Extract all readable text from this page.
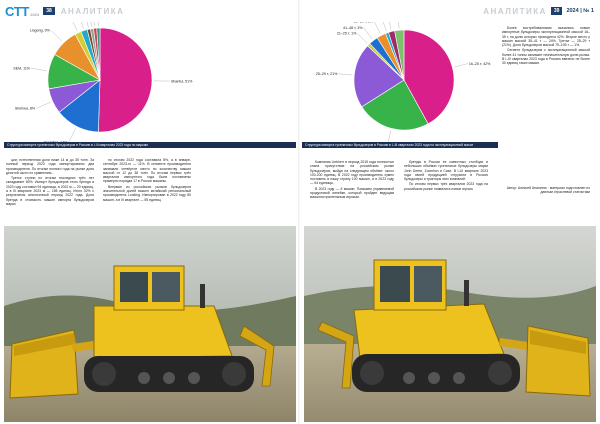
CT T 2024	38	АНАЛИТИКА
Shantui, 51%
Shehwa, 8%
SEM, 11%
Liugong, 9%
Структура импорта гусеничных бульдозеров в Россию в I-III кварталах 2023 года по маркам

ции; естественная доля ниже 14 м до 35 тонн. За полный период 2023 года импортированы два производителя. По итогам полного года на рынке доля десятой части по сравнению...

Третье ступни по итогам последних трёх лет складывает 80%. Импорт бульдозеров этого бренда в 2023 году составил 94 единицы, в 2022 м — 20 единиц, а в III квартале 2023 м — 185 единиц. Итого 32% с результатом аналогичный период 2022 года. Доля бренда в стоимость машин импорта бульдозеров марки

по итогам 2022 года составила 8%, а в январе-сентябре 2023-го — 11%. В сегменте производителя занимали четвёртое место по количеству машин массой от 12 до 38 тонн. По итогам первых трёх кварталов импортного года были поставлены примерно порядка 17 в России машины.

Впервые из российских рынков бульдозеров значительной долей вышел китайский региональный производитель Lonking. Импортирован в 2022 году 80 машин, а в III квартале — 55 единиц.

АНАЛИТИКА	39	2024 | № 1
16–25 т, 42%
25–29 т, 21%
21–25 т, 1%
41–48 т, 3%
Структура импорта гусеничных бульдозеров в Россию в I–III кварталах 2023 года по эксплуатационной массе

Компания Liebherr в период 2015 года полностью сняла присутствие на российском рынке бульдозеров, выйдя на следующем объёме: около 100-200 единиц. В 2022 году производитель сумел поставить в нашу страну 100 машин, а в 2023 году — 64 единицы.

В 2023 году — 6 машин. Поможем управляемой продуктовой линейке, который пройден ведущим машиностроительным игроком.

бренды в России ее известных столбцах в небольших объёмах гусеничные бульдозеры марки John Deere, Zoomlion и Case. В I–III квартале 2023 года своей продукцией отгрузили в Россию бульдозеры и тракторы этих компаний.

По итогам первых трёх кварталов 2023 года на российском рынке появились новые игроки.

Более востребованными оказались новые импортные бульдозеры эксплуатационной массой 16–35 т, на долю которых приходится 42%. Второе место у машин массой 35–41 т — 24%. Третье — 25–29 т (21%). Доля бульдозеров массой 75–105 т — 1%.

Сегмент бульдозеров с эксплуатационной массой более 41 тонны занимает незначительную долю рынка. В I–III кварталах 2023 года в Россию ввезено не более 30 единиц таких машин.

Автор: Алексей Аналитик · материал подготовлен по данным отраслевой статистики
